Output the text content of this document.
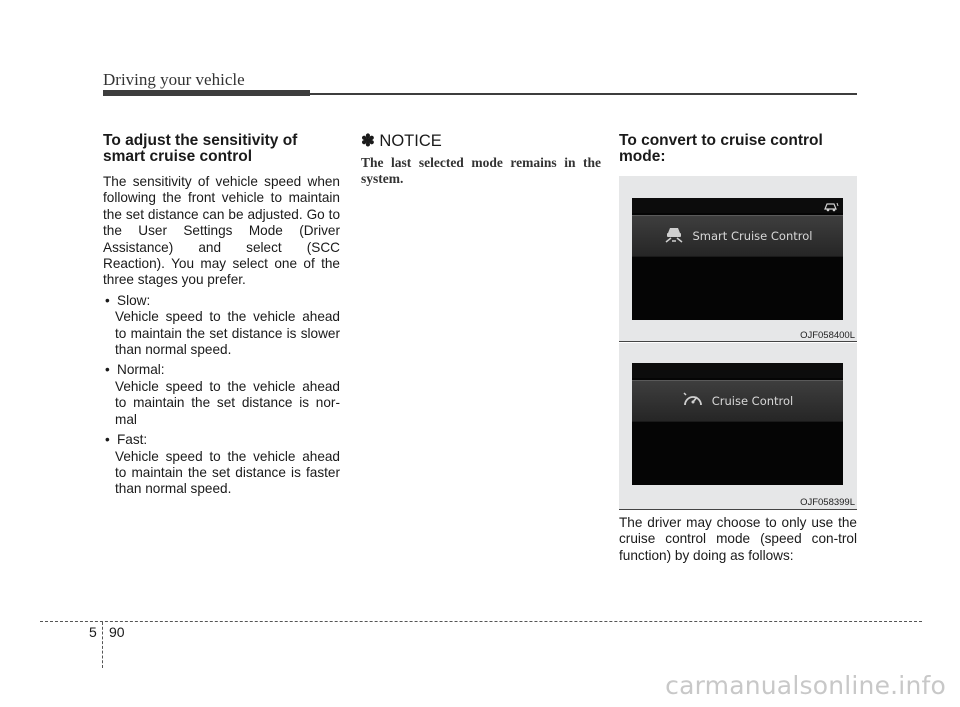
Driving your vehicle
To adjust the sensitivity of smart cruise control

The sensitivity of vehicle speed when following the front vehicle to maintain the set distance can be adjusted. Go to the User Settings Mode (Driver Assistance) and select (SCC Reaction). You may select one of the three stages you prefer.

• Slow:
Vehicle speed to the vehicle ahead to maintain the set distance is slower than normal speed.
• Normal:
Vehicle speed to the vehicle ahead to maintain the set distance is nor-mal
• Fast:
Vehicle speed to the vehicle ahead to maintain the set distance is faster than normal speed.
✽ NOTICE
The last selected mode remains in the system.
To convert to cruise control mode:

The driver may choose to only use the cruise control mode (speed con-trol function) by doing as follows:

Smart Cruise Control
OJF058400L
Cruise Control
OJF058399L
5 90
carmanualsonline.info
